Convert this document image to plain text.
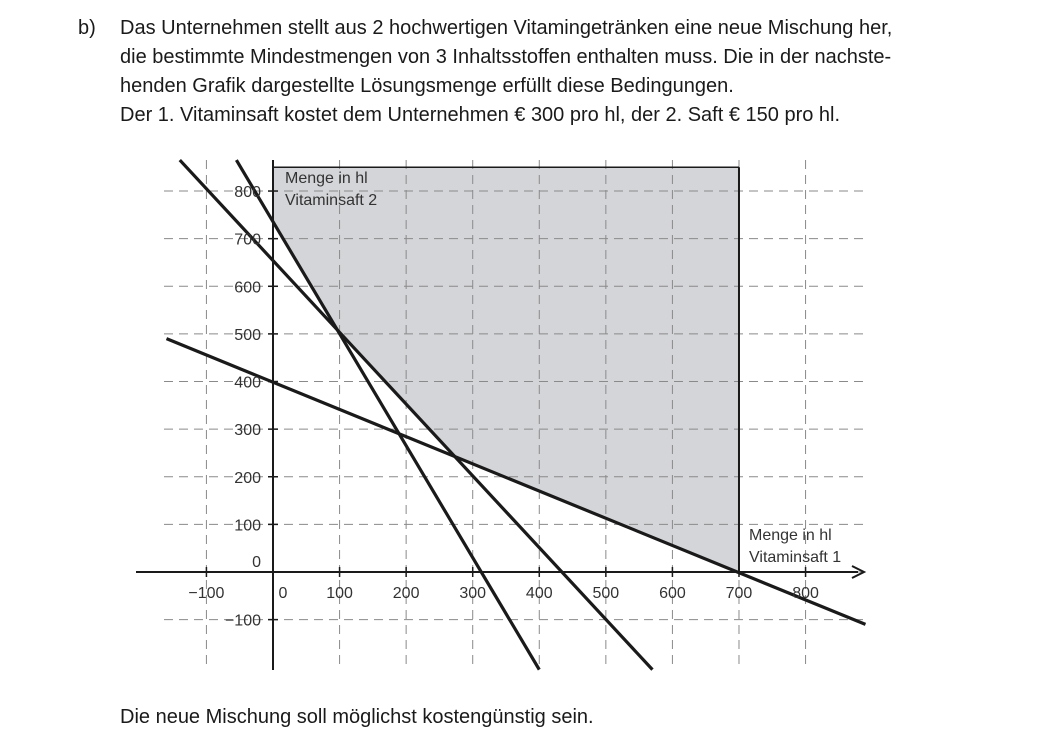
b) Das Unternehmen stellt aus 2 hochwertigen Vitamingetränken eine neue Mischung her,
die bestimmte Mindestmengen von 3 Inhaltsstoffen enthalten muss. Die in der nachste-
henden Grafik dargestellte Lösungsmenge erfüllt diese Bedingungen.
Der 1. Vitaminsaft kostet dem Unternehmen € 300 pro hl, der 2. Saft € 150 pro hl.
−100	0 100 200 300 400 500 600 700 800
−100
0
100
200
300
400
500
600
700
800
Menge in hl
Vitaminsaft 2
Menge in hl
Vitaminsaft 1
Die neue Mischung soll möglichst kostengünstig sein.
